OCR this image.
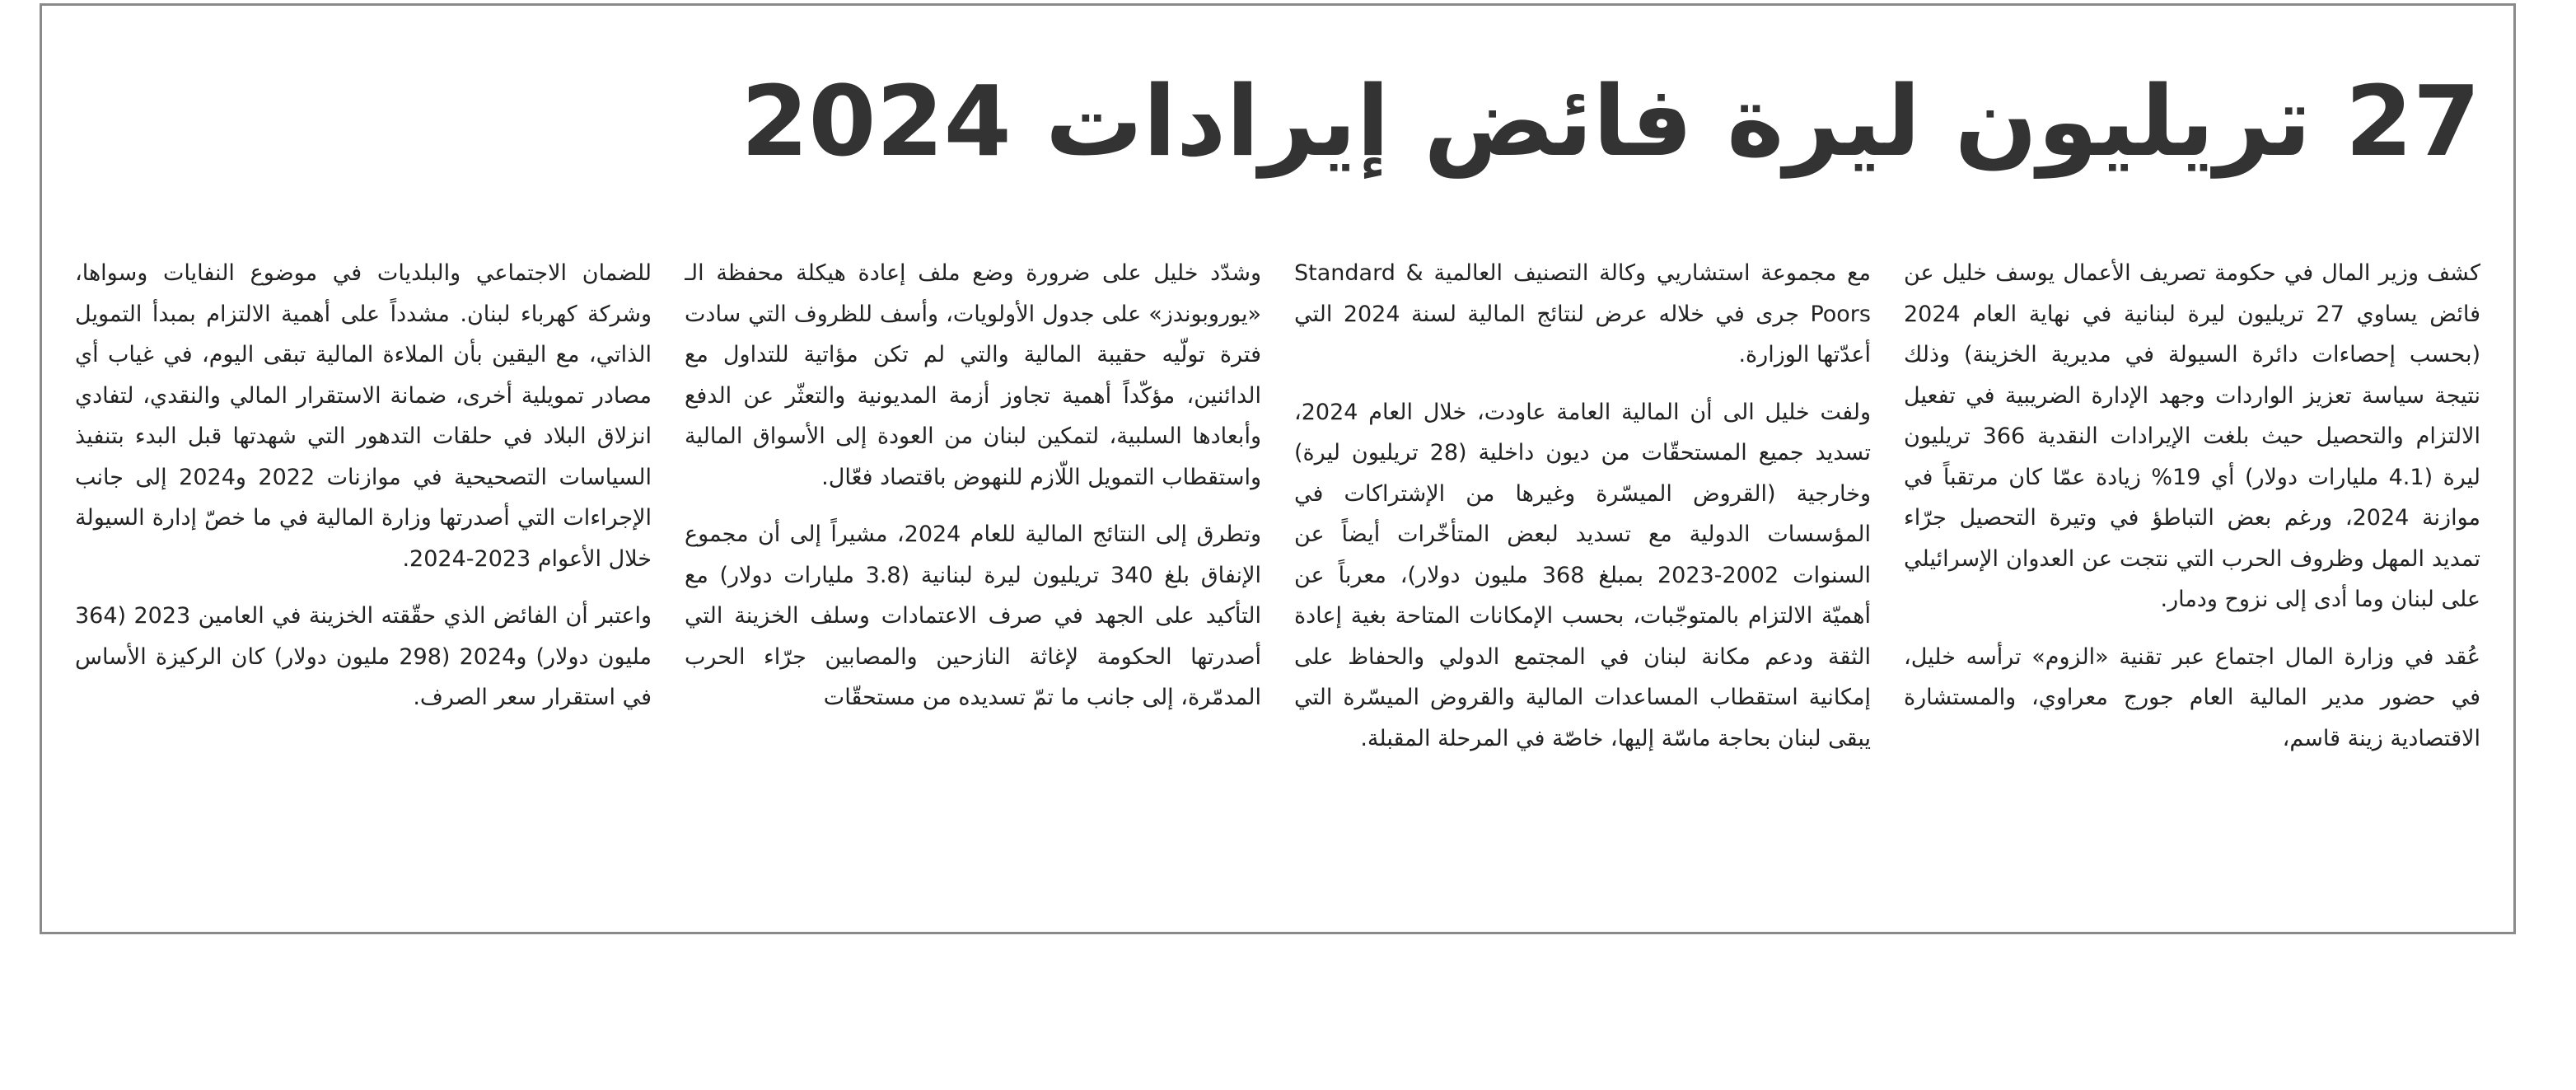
27 تريليون ليرة فائض إيرادات 2024

كشف وزير المال في حكومة تصريف الأعمال يوسف خليل عن فائض يساوي 27 تريليون ليرة لبنانية في نهاية العام 2024 (بحسب إحصاءات دائرة السيولة في مديرية الخزينة) وذلك نتيجة سياسة تعزيز الواردات وجهد الإدارة الضريبية في تفعيل الالتزام والتحصيل حيث بلغت الإيرادات النقدية 366 تريليون ليرة (4.1 مليارات دولار) أي 19% زيادة عمّا كان مرتقباً في موازنة 2024، ورغم بعض التباطؤ في وتيرة التحصيل جرّاء تمديد المهل وظروف الحرب التي نتجت عن العدوان الإسرائيلي على لبنان وما أدى إلى نزوح ودمار.

عُقد في وزارة المال اجتماع عبر تقنية «الزوم» ترأسه خليل، في حضور مدير المالية العام جورج معراوي، والمستشارة الاقتصادية زينة قاسم،

مع مجموعة استشاريي وكالة التصنيف العالمية Standard & Poors جرى في خلاله عرض لنتائج المالية لسنة 2024 التي أعدّتها الوزارة.

ولفت خليل الى أن المالية العامة عاودت، خلال العام 2024، تسديد جميع المستحقّات من ديون داخلية (28 تريليون ليرة) وخارجية (القروض الميسّرة وغيرها من الإشتراكات في المؤسسات الدولية مع تسديد لبعض المتأخّرات أيضاً عن السنوات 2002-2023 بمبلغ 368 مليون دولار)، معرباً عن أهميّة الالتزام بالمتوجّبات، بحسب الإمكانات المتاحة بغية إعادة الثقة ودعم مكانة لبنان في المجتمع الدولي والحفاظ على إمكانية استقطاب المساعدات المالية والقروض الميسّرة التي يبقى لبنان بحاجة ماسّة إليها، خاصّة في المرحلة المقبلة.

وشدّد خليل على ضرورة وضع ملف إعادة هيكلة محفظة الـ «يوروبوندز» على جدول الأولويات، وأسف للظروف التي سادت فترة تولّيه حقيبة المالية والتي لم تكن مؤاتية للتداول مع الدائنين، مؤكّداً أهمية تجاوز أزمة المديونية والتعثّر عن الدفع وأبعادها السلبية، لتمكين لبنان من العودة إلى الأسواق المالية واستقطاب التمويل اللّازم للنهوض باقتصاد فعّال.

وتطرق إلى النتائج المالية للعام 2024، مشيراً إلى أن مجموع الإنفاق بلغ 340 تريليون ليرة لبنانية (3.8 مليارات دولار) مع التأكيد على الجهد في صرف الاعتمادات وسلف الخزينة التي أصدرتها الحكومة لإغاثة النازحين والمصابين جرّاء الحرب المدمّرة، إلى جانب ما تمّ تسديده من مستحقّات

للضمان الاجتماعي والبلديات في موضوع النفايات وسواها، وشركة كهرباء لبنان. مشدداً على أهمية الالتزام بمبدأ التمويل الذاتي، مع اليقين بأن الملاءة المالية تبقى اليوم، في غياب أي مصادر تمويلية أخرى، ضمانة الاستقرار المالي والنقدي، لتفادي انزلاق البلاد في حلقات التدهور التي شهدتها قبل البدء بتنفيذ السياسات التصحيحية في موازنات 2022 و2024 إلى جانب الإجراءات التي أصدرتها وزارة المالية في ما خصّ إدارة السيولة خلال الأعوام 2023-2024.

واعتبر أن الفائض الذي حقّقته الخزينة في العامين 2023 (364 مليون دولار) و2024 (298 مليون دولار) كان الركيزة الأساس في استقرار سعر الصرف.
